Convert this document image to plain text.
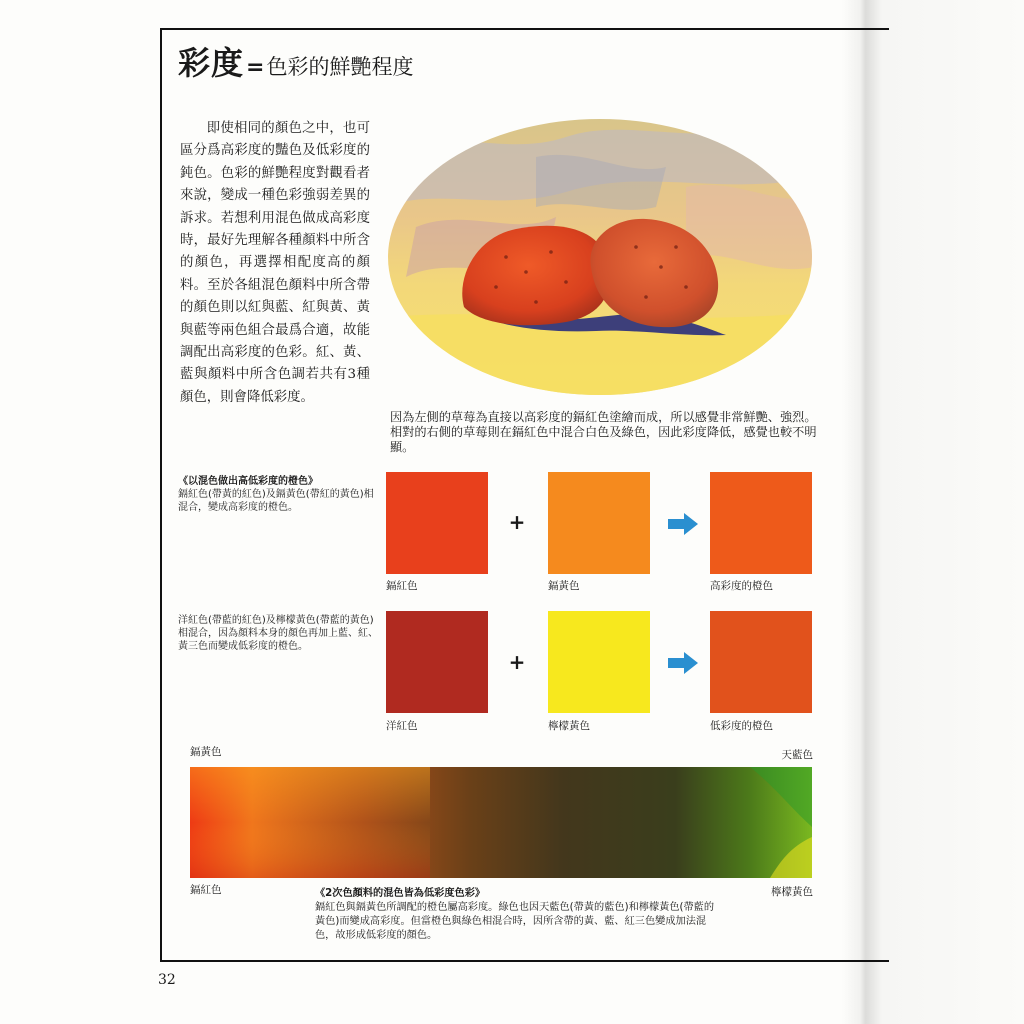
彩度=色彩的鮮艷程度

即使相同的顏色之中，也可區分爲高彩度的豔色及低彩度的鈍色。色彩的鮮艷程度對觀看者來說，變成一種色彩強弱差異的訴求。若想利用混色做成高彩度時，最好先理解各種顏料中所含的顏色，再選擇相配度高的顏料。至於各組混色顏料中所含帶的顏色則以紅與藍、紅與黃、黃與藍等兩色組合最爲合適，故能調配出高彩度的色彩。紅、黃、藍與顏料中所含色調若共有3種顏色，則會降低彩度。

因為左側的草莓為直接以高彩度的鎘紅色塗繪而成，所以感覺非常鮮艷、強烈。相對的右側的草莓則在鎘紅色中混合白色及綠色，因此彩度降低，感覺也較不明顯。
《以混色做出高低彩度的橙色》
鎘紅色(帶黃的紅色)及鎘黃色(帶紅的黃色)相混合，變成高彩度的橙色。
+
鎘紅色	鎘黃色	高彩度的橙色
洋紅色(帶藍的紅色)及檸檬黃色(帶藍的黃色)相混合，因為顏料本身的顏色再加上藍、紅、黃三色而變成低彩度的橙色。
+
洋紅色	檸檬黃色	低彩度的橙色
鎘黃色	天藍色
鎘紅色	檸檬黃色
《2次色顏料的混色皆為低彩度色彩》
鎘紅色與鎘黃色所調配的橙色屬高彩度。綠色也因天藍色(帶黃的藍色)和檸檬黃色(帶藍的黃色)而變成高彩度。但當橙色與綠色相混合時，因所含帶的黃、藍、紅三色變成加法混色，故形成低彩度的顏色。
32
